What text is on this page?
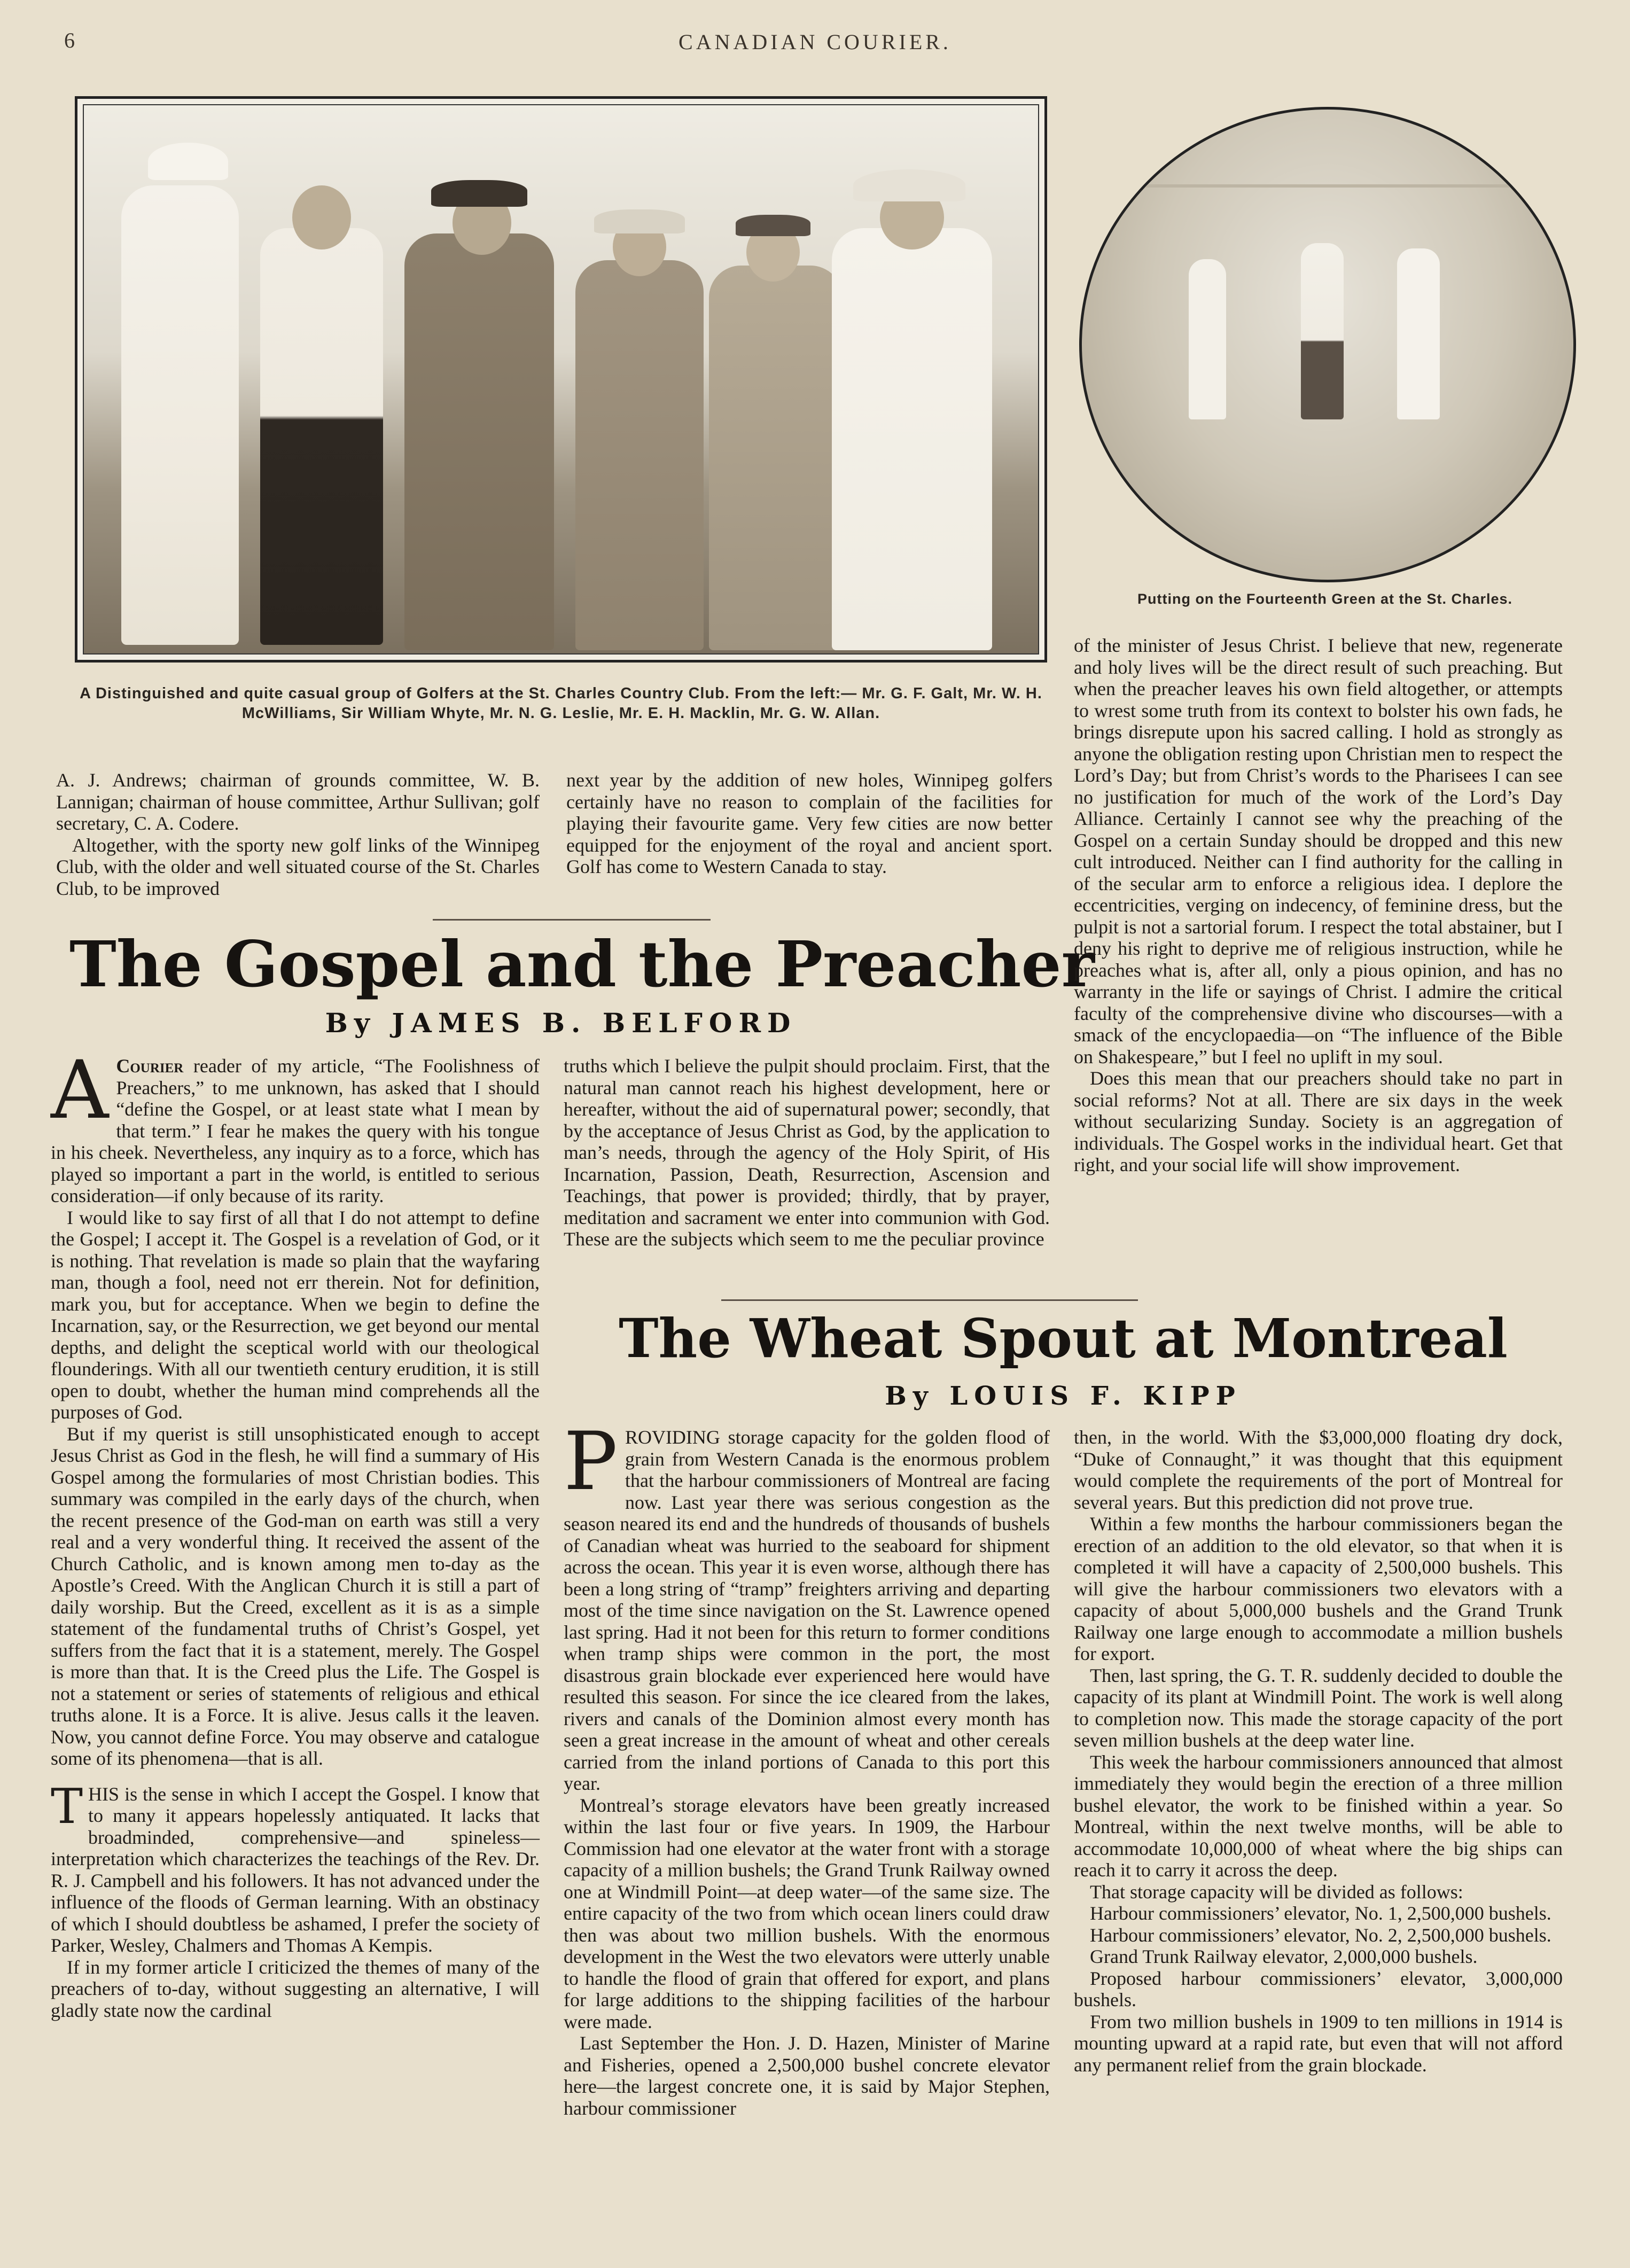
6	CANADIAN COURIER.
Putting on the Fourteenth Green at the St. Charles.
A Distinguished and quite casual group of Golfers at the St. Charles Country Club. From the left:— Mr. G. F. Galt, Mr. W. H. McWilliams, Sir William Whyte, Mr. N. G. Leslie, Mr. E. H. Macklin, Mr. G. W. Allan.

A. J. Andrews; chairman of grounds committee, W. B. Lannigan; chairman of house committee, Arthur Sullivan; golf secretary, C. A. Codere.

Altogether, with the sporty new golf links of the Winnipeg Club, with the older and well situated course of the St. Charles Club, to be improved

next year by the addition of new holes, Winnipeg golfers certainly have no reason to complain of the facilities for playing their favourite game. Very few cities are now better equipped for the enjoyment of the royal and ancient sport. Golf has come to Western Canada to stay.

The Gospel and the Preacher
By JAMES B. BELFORD
A Courier reader of my article, “The Foolishness of Preachers,” to me unknown, has asked that I should “define the Gospel, or at least state what I mean by that term.” I fear he makes the query with his tongue in his cheek. Nevertheless, any inquiry as to a force, which has played so important a part in the world, is entitled to serious consideration—if only because of its rarity.

I would like to say first of all that I do not attempt to define the Gospel; I accept it. The Gospel is a revelation of God, or it is nothing. That revelation is made so plain that the wayfaring man, though a fool, need not err therein. Not for definition, mark you, but for acceptance. When we begin to define the Incarnation, say, or the Resurrection, we get beyond our mental depths, and delight the sceptical world with our theological flounderings. With all our twentieth century erudition, it is still open to doubt, whether the human mind comprehends all the purposes of God.

But if my querist is still unsophisticated enough to accept Jesus Christ as God in the flesh, he will find a summary of His Gospel among the formularies of most Christian bodies. This summary was compiled in the early days of the church, when the recent presence of the God-man on earth was still a very real and a very wonderful thing. It received the assent of the Church Catholic, and is known among men to-day as the Apostle’s Creed. With the Anglican Church it is still a part of daily worship. But the Creed, excellent as it is as a simple statement of the fundamental truths of Christ’s Gospel, yet suffers from the fact that it is a statement, merely. The Gospel is more than that. It is the Creed plus the Life. The Gospel is not a statement or series of statements of religious and ethical truths alone. It is a Force. It is alive. Jesus calls it the leaven. Now, you cannot define Force. You may observe and catalogue some of its phenomena—that is all.

T HIS is the sense in which I accept the Gospel. I know that to many it appears hopelessly antiquated. It lacks that broadminded, comprehensive—and spineless—interpretation which characterizes the teachings of the Rev. Dr. R. J. Campbell and his followers. It has not advanced under the influence of the floods of German learning. With an obstinacy of which I should doubtless be ashamed, I prefer the society of Parker, Wesley, Chalmers and Thomas A Kempis.

If in my former article I criticized the themes of many of the preachers of to-day, without suggesting an alternative, I will gladly state now the cardinal

truths which I believe the pulpit should proclaim. First, that the natural man cannot reach his highest development, here or hereafter, without the aid of supernatural power; secondly, that by the acceptance of Jesus Christ as God, by the application to man’s needs, through the agency of the Holy Spirit, of His Incarnation, Passion, Death, Resurrection, Ascension and Teachings, that power is provided; thirdly, that by prayer, meditation and sacrament we enter into communion with God. These are the subjects which seem to me the peculiar province

of the minister of Jesus Christ. I believe that new, regenerate and holy lives will be the direct result of such preaching. But when the preacher leaves his own field altogether, or attempts to wrest some truth from its context to bolster his own fads, he brings disrepute upon his sacred calling. I hold as strongly as anyone the obligation resting upon Christian men to respect the Lord’s Day; but from Christ’s words to the Pharisees I can see no justification for much of the work of the Lord’s Day Alliance. Certainly I cannot see why the preaching of the Gospel on a certain Sunday should be dropped and this new cult introduced. Neither can I find authority for the calling in of the secular arm to enforce a religious idea. I deplore the eccentricities, verging on indecency, of feminine dress, but the pulpit is not a sartorial forum. I respect the total abstainer, but I deny his right to deprive me of religious instruction, while he preaches what is, after all, only a pious opinion, and has no warranty in the life or sayings of Christ. I admire the critical faculty of the comprehensive divine who discourses—with a smack of the encyclopaedia—on “The influence of the Bible on Shakespeare,” but I feel no uplift in my soul.

Does this mean that our preachers should take no part in social reforms? Not at all. There are six days in the week without secularizing Sunday. Society is an aggregation of individuals. The Gospel works in the individual heart. Get that right, and your social life will show improvement.

The Wheat Spout at Montreal
By LOUIS F. KIPP
P ROVIDING storage capacity for the golden flood of grain from Western Canada is the enormous problem that the harbour commissioners of Montreal are facing now. Last year there was serious congestion as the season neared its end and the hundreds of thousands of bushels of Canadian wheat was hurried to the seaboard for shipment across the ocean. This year it is even worse, although there has been a long string of “tramp” freighters arriving and departing most of the time since navigation on the St. Lawrence opened last spring. Had it not been for this return to former conditions when tramp ships were common in the port, the most disastrous grain blockade ever experienced here would have resulted this season. For since the ice cleared from the lakes, rivers and canals of the Dominion almost every month has seen a great increase in the amount of wheat and other cereals carried from the inland portions of Canada to this port this year.

Montreal’s storage elevators have been greatly increased within the last four or five years. In 1909, the Harbour Commission had one elevator at the water front with a storage capacity of a million bushels; the Grand Trunk Railway owned one at Windmill Point—at deep water—of the same size. The entire capacity of the two from which ocean liners could draw then was about two million bushels. With the enormous development in the West the two elevators were utterly unable to handle the flood of grain that offered for export, and plans for large additions to the shipping facilities of the harbour were made.

Last September the Hon. J. D. Hazen, Minister of Marine and Fisheries, opened a 2,500,000 bushel concrete elevator here—the largest concrete one, it is said by Major Stephen, harbour commissioner

then, in the world. With the $3,000,000 floating dry dock, “Duke of Connaught,” it was thought that this equipment would complete the requirements of the port of Montreal for several years. But this prediction did not prove true.

Within a few months the harbour commissioners began the erection of an addition to the old elevator, so that when it is completed it will have a capacity of 2,500,000 bushels. This will give the harbour commissioners two elevators with a capacity of about 5,000,000 bushels and the Grand Trunk Railway one large enough to accommodate a million bushels for export.

Then, last spring, the G. T. R. suddenly decided to double the capacity of its plant at Windmill Point. The work is well along to completion now. This made the storage capacity of the port seven million bushels at the deep water line.

This week the harbour commissioners announced that almost immediately they would begin the erection of a three million bushel elevator, the work to be finished within a year. So Montreal, within the next twelve months, will be able to accommodate 10,000,000 of wheat where the big ships can reach it to carry it across the deep.

That storage capacity will be divided as follows:

Harbour commissioners’ elevator, No. 1, 2,500,000 bushels.

Harbour commissioners’ elevator, No. 2, 2,500,000 bushels.

Grand Trunk Railway elevator, 2,000,000 bushels.

Proposed harbour commissioners’ elevator, 3,000,000 bushels.

From two million bushels in 1909 to ten millions in 1914 is mounting upward at a rapid rate, but even that will not afford any permanent relief from the grain blockade.
